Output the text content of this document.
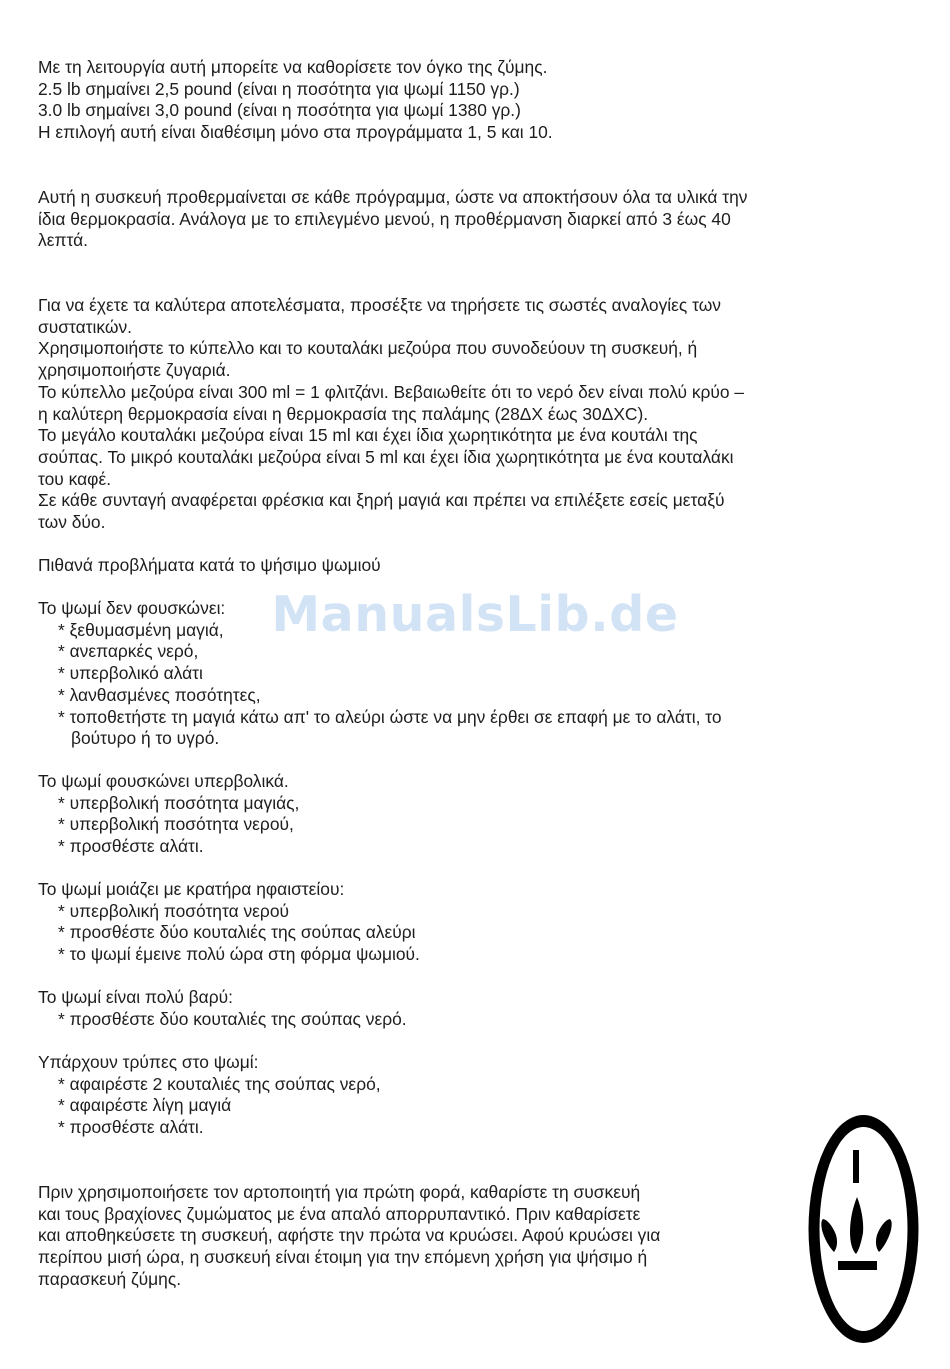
Με τη λειτουργία αυτή μπορείτε να καθορίσετε τον όγκο της ζύμης.
2.5 lb σημαίνει 2,5 pound (είναι η ποσότητα για ψωμί 1150 γρ.)
3.0 lb σημαίνει 3,0 pound (είναι η ποσότητα για ψωμί 1380 γρ.)
Η επιλογή αυτή είναι διαθέσιμη μόνο στα προγράμματα 1, 5 και 10.
Αυτή η συσκευή προθερμαίνεται σε κάθε πρόγραμμα, ώστε να αποκτήσουν όλα τα υλικά την
ίδια θερμοκρασία. Ανάλογα με το επιλεγμένο μενού, η προθέρμανση διαρκεί από 3 έως 40
λεπτά.
Για να έχετε τα καλύτερα αποτελέσματα, προσέξτε να τηρήσετε τις σωστές αναλογίες των
συστατικών.
Χρησιμοποιήστε το κύπελλο και το κουταλάκι μεζούρα που συνοδεύουν τη συσκευή, ή
χρησιμοποιήστε ζυγαριά.
Το κύπελλο μεζούρα είναι 300 ml = 1 φλιτζάνι. Βεβαιωθείτε ότι το νερό δεν είναι πολύ κρύο –
η καλύτερη θερμοκρασία είναι η θερμοκρασία της παλάμης (28ΔΧ έως 30ΔΧC).
Το μεγάλο κουταλάκι μεζούρα είναι 15 ml και έχει ίδια χωρητικότητα με ένα κουτάλι της
σούπας. Το μικρό κουταλάκι μεζούρα είναι 5 ml και έχει ίδια χωρητικότητα με ένα κουταλάκι
του καφέ.
Σε κάθε συνταγή αναφέρεται φρέσκια και ξηρή μαγιά και πρέπει να επιλέξετε εσείς μεταξύ
των δύο.
Πιθανά προβλήματα κατά το ψήσιμο ψωμιού
Το ψωμί δεν φουσκώνει:
* ξεθυμασμένη μαγιά,
* ανεπαρκές νερό,
* υπερβολικό αλάτι
* λανθασμένες ποσότητες,
* τοποθετήστε τη μαγιά κάτω απ' το αλεύρι ώστε να μην έρθει σε επαφή με το αλάτι, το
βούτυρο ή το υγρό.
Το ψωμί φουσκώνει υπερβολικά.
* υπερβολική ποσότητα μαγιάς,
* υπερβολική ποσότητα νερού,
* προσθέστε αλάτι.
Το ψωμί μοιάζει με κρατήρα ηφαιστείου:
* υπερβολική ποσότητα νερού
* προσθέστε δύο κουταλιές της σούπας αλεύρι
* το ψωμί έμεινε πολύ ώρα στη φόρμα ψωμιού.
Το ψωμί είναι πολύ βαρύ:
* προσθέστε δύο κουταλιές της σούπας νερό.
Υπάρχουν τρύπες στο ψωμί:
* αφαιρέστε 2 κουταλιές της σούπας νερό,
* αφαιρέστε λίγη μαγιά
* προσθέστε αλάτι.
Πριν χρησιμοποιήσετε τον αρτοποιητή για πρώτη φορά, καθαρίστε τη συσκευή
και τους βραχίονες ζυμώματος με ένα απαλό απορρυπαντικό. Πριν καθαρίσετε
και αποθηκεύσετε τη συσκευή, αφήστε την πρώτα να κρυώσει. Αφού κρυώσει για
περίπου μισή ώρα, η συσκευή είναι έτοιμη για την επόμενη χρήση για ψήσιμο ή
παρασκευή ζύμης.
ManualsLib.de
